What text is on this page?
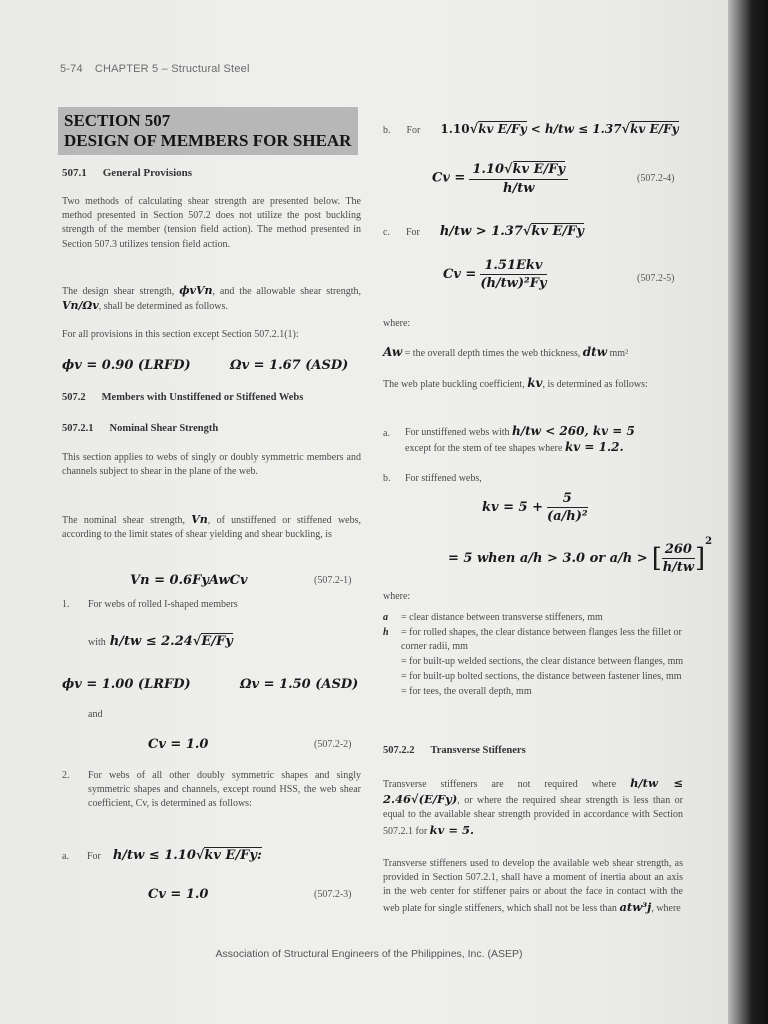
5-74 CHAPTER 5 – Structural Steel
SECTION 507
DESIGN OF MEMBERS FOR SHEAR
507.1 General Provisions

Two methods of calculating shear strength are presented below. The method presented in Section 507.2 does not utilize the post buckling strength of the member (tension field action). The method presented in Section 507.3 utilizes tension field action.

The design shear strength, ϕvVn, and the allowable shear strength, Vn/Ωv, shall be determined as follows.

For all provisions in this section except Section 507.2.1(1):

ϕv = 0.90 (LRFD)	Ωv = 1.67 (ASD)
507.2 Members with Unstiffened or Stiffened Webs
507.2.1 Nominal Shear Strength

This section applies to webs of singly or doubly symmetric members and channels subject to shear in the plane of the web.

The nominal shear strength, Vn, of unstiffened or stiffened webs, according to the limit states of shear yielding and shear buckling, is

Vn = 0.6FyAwCv	(507.2-1)
1. For webs of rolled I-shaped members
with h/tw ≤ 2.24√E/Fy
ϕv = 1.00 (LRFD)	Ωv = 1.50 (ASD)
and
Cv = 1.0	(507.2-2)
2. For webs of all other doubly symmetric shapes and singly symmetric shapes and channels, except round HSS, the web shear coefficient, Cv, is determined as follows:

a. For h/tw ≤ 1.10√kv E/Fy:
Cv = 1.0	(507.2-3)
b. For 1.10√kv E/Fy < h/tw ≤ 1.37√kv E/Fy
$Cv = \frac{\text{1.10√kv E/Fy}}{h/tw}$	(507.2-4)
c. For h/tw > 1.37√kv E/Fy
$Cv = \frac{\text{1.51Ekv}}{\text{(h/tw)²Fy}}$	(507.2-5)
where:

Aw = the overall depth times the web thickness, dtw mm²

The web plate buckling coefficient, kv, is determined as follows:

a. For unstiffened webs with h/tw < 260, kv = 5
except for the stem of tee shapes where kv = 1.2.

b. For stiffened webs,
kv = $5 + \frac{5}{\text{(a/h)²}}$
= 5 when a/h > 3.0 or a/h > [ $\frac{260}{h/tw} ]^2$
where:
a	= clear distance between transverse stiffeners, mm
h	= for rolled shapes, the clear distance between flanges less the fillet or corner radii, mm
= for built-up welded sections, the clear distance between flanges, mm
= for built-up bolted sections, the distance between fastener lines, mm
= for tees, the overall depth, mm
507.2.2 Transverse Stiffeners

Transverse stiffeners are not required where h/tw ≤ 2.46√(E/Fy), or where the required shear strength is less than or equal to the available shear strength provided in accordance with Section 507.2.1 for kv = 5.

Transverse stiffeners used to develop the available web shear strength, as provided in Section 507.2.1, shall have a moment of inertia about an axis in the web center for stiffener pairs or about the face in contact with the web plate for single stiffeners, which shall not be less than atw³j, where

Association of Structural Engineers of the Philippines, Inc. (ASEP)
